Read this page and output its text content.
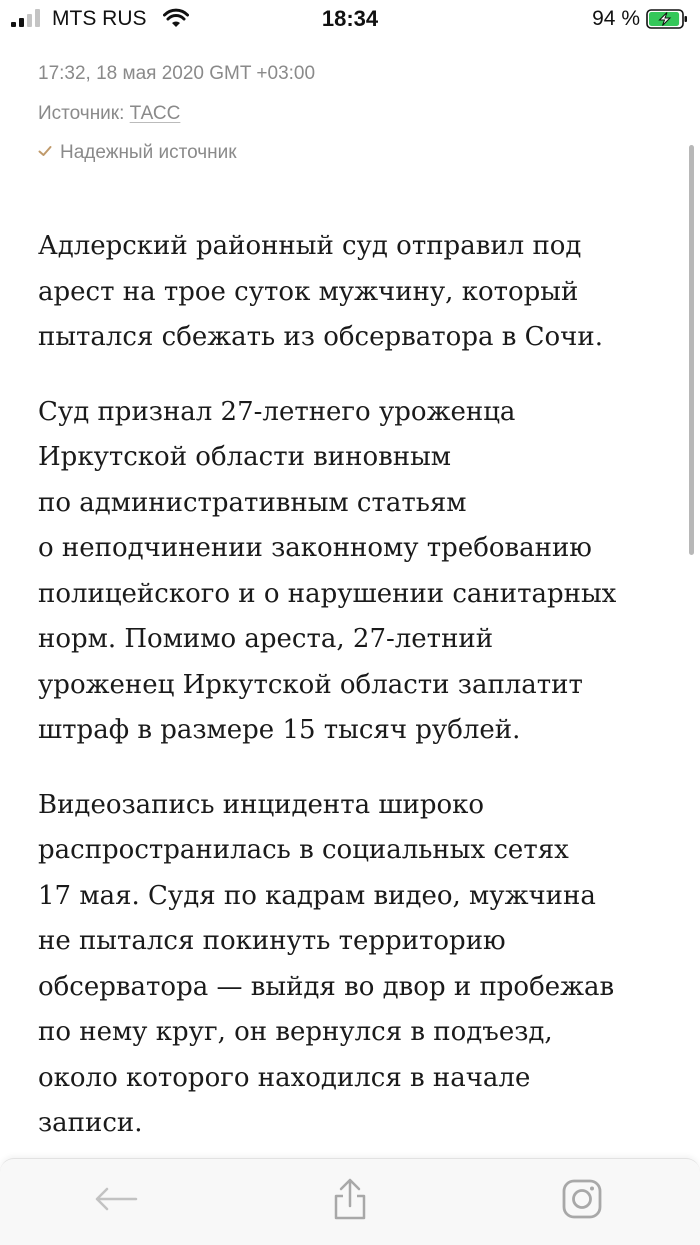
MTS RUS	18:34	94 %
17:32, 18 мая 2020 GMT +03:00
Источник: ТАСС
Надежный источник

Адлерский районный суд отправил под
арест на трое суток мужчину, который
пытался сбежать из обсерватора в Сочи.

Суд признал 27-летнего уроженца
Иркутской области виновным
по административным статьям
о неподчинении законному требованию
полицейского и о нарушении санитарных
норм. Помимо ареста, 27-летний
уроженец Иркутской области заплатит
штраф в размере 15 тысяч рублей.

Видеозапись инцидента широко
распространилась в социальных сетях
17 мая. Судя по кадрам видео, мужчина
не пытался покинуть территорию
обсерватора — выйдя во двор и пробежав
по нему круг, он вернулся в подъезд,
около которого находился в начале
записи.
